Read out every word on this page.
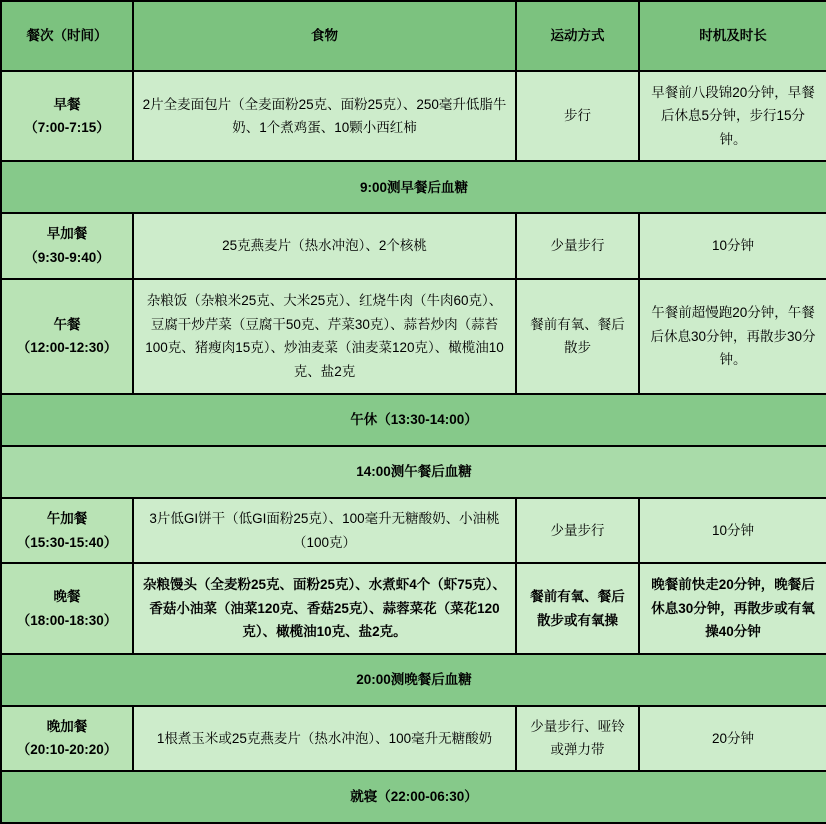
餐次（时间）	食物	运动方式	时机及时长

早餐
（7:00-7:15）	2片全麦面包片（全麦面粉25克、面粉25克）、250毫升低脂牛奶、1个煮鸡蛋、10颗小西红柿	步行	早餐前八段锦20分钟，早餐后休息5分钟，步行15分钟。
9:00测早餐后血糖			

早加餐
（9:30-9:40）	25克燕麦片（热水冲泡）、2个核桃	少量步行	10分钟

午餐
（12:00-12:30）	杂粮饭（杂粮米25克、大米25克）、红烧牛肉（牛肉60克）、豆腐干炒芹菜（豆腐干50克、芹菜30克）、蒜苔炒肉（蒜苔100克、猪瘦肉15克）、炒油麦菜（油麦菜120克）、橄榄油10克、盐2克	餐前有氧、餐后散步	午餐前超慢跑20分钟，午餐后休息30分钟，再散步30分钟。
午休（13:30-14:00）			
14:00测午餐后血糖			

午加餐
（15:30-15:40）	3片低GI饼干（低GI面粉25克）、100毫升无糖酸奶、小油桃（100克）	少量步行	10分钟

晚餐
（18:00-18:30）	杂粮馒头（全麦粉25克、面粉25克）、水煮虾4个（虾75克）、香菇小油菜（油菜120克、香菇25克）、蒜蓉菜花（菜花120克）、橄榄油10克、盐2克。	餐前有氧、餐后散步或有氧操	晚餐前快走20分钟，晚餐后休息30分钟，再散步或有氧操40分钟
20:00测晚餐后血糖			

晚加餐
（20:10-20:20）	1根煮玉米或25克燕麦片（热水冲泡）、100毫升无糖酸奶	少量步行、哑铃或弹力带	20分钟
就寝（22:00-06:30）			
